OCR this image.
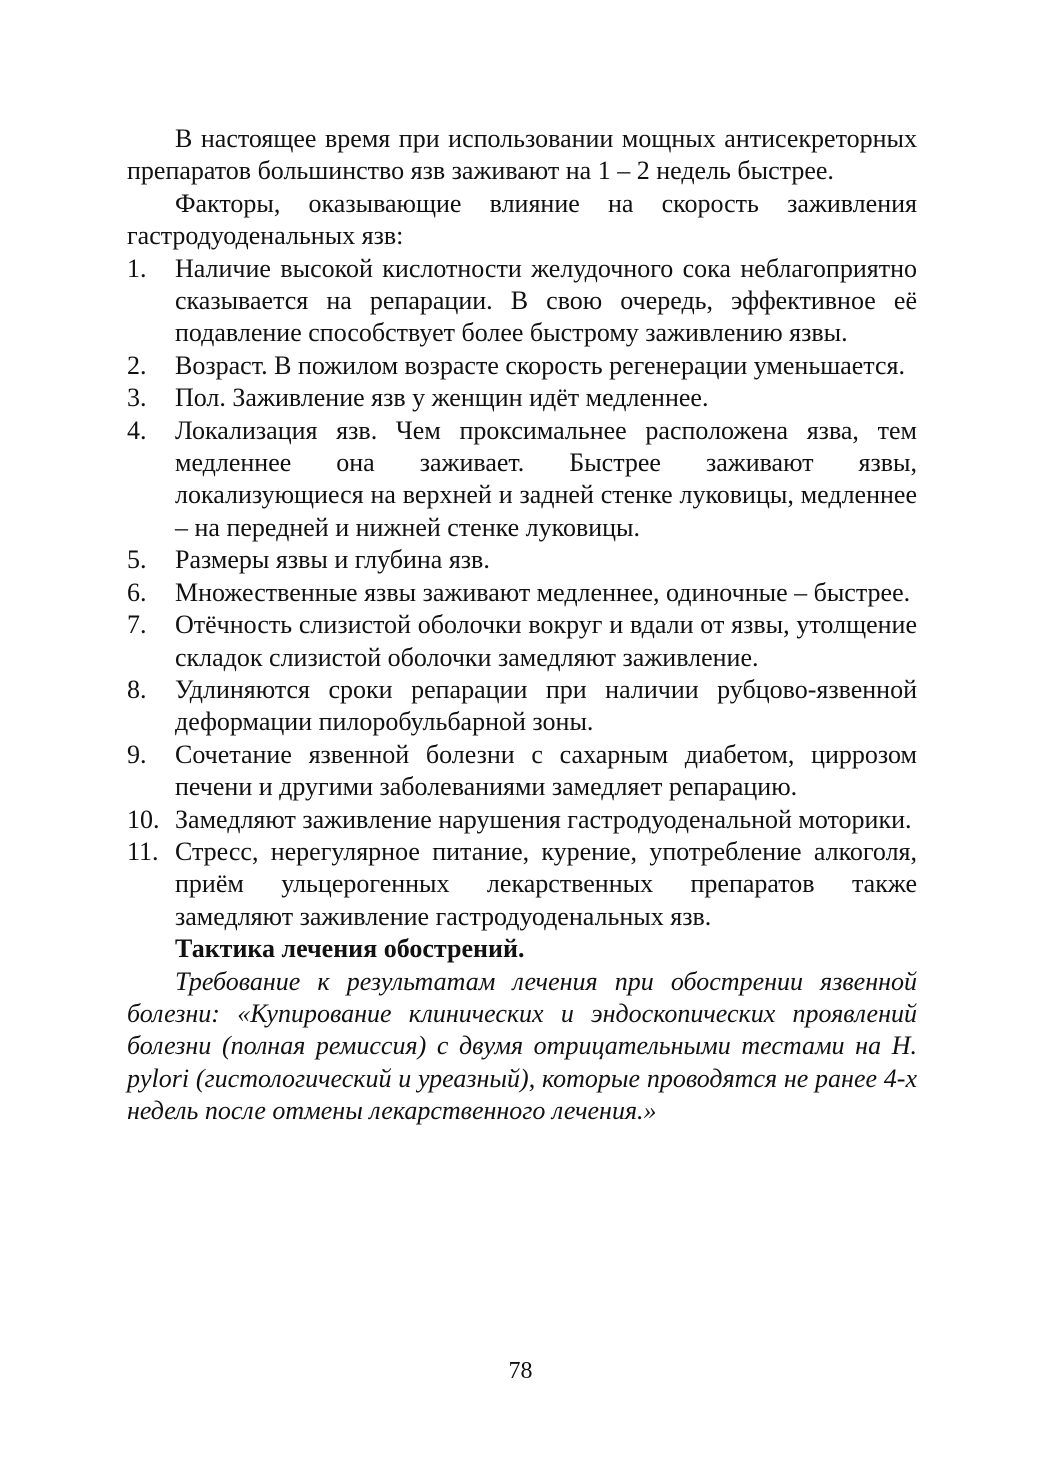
В настоящее время при использовании мощных антисекреторных препаратов большинство язв заживают на 1 – 2 недель быстрее.

Факторы, оказывающие влияние на скорость заживления гастродуоденальных язв:

1. Наличие высокой кислотности желудочного сока неблагоприятно сказывается на репарации. В свою очередь, эффективное её подавление способствует более быстрому заживлению язвы.
2. Возраст. В пожилом возрасте скорость регенерации уменьшается.
3. Пол. Заживление язв у женщин идёт медленнее.
4. Локализация язв. Чем проксимальнее расположена язва, тем медленнее она заживает. Быстрее заживают язвы, локализующиеся на верхней и задней стенке луковицы, медленнее – на передней и нижней стенке луковицы.
5. Размеры язвы и глубина язв.
6. Множественные язвы заживают медленнее, одиночные – быстрее.
7. Отёчность слизистой оболочки вокруг и вдали от язвы, утолщение складок слизистой оболочки замедляют заживление.
8. Удлиняются сроки репарации при наличии рубцово-язвенной деформации пилоробульбарной зоны.
9. Сочетание язвенной болезни с сахарным диабетом, циррозом печени и другими заболеваниями замедляет репарацию.
10. Замедляют заживление нарушения гастродуоденальной моторики.
11. Стресс, нерегулярное питание, курение, употребление алкоголя, приём ульцерогенных лекарственных препаратов также замедляют заживление гастродуоденальных язв.

Тактика лечения обострений.

Требование к результатам лечения при обострении язвенной болезни: «Купирование клинических и эндоскопических проявлений болезни (полная ремиссия) с двумя отрицательными тестами на H. pylori (гистологический и уреазный), которые проводятся не ранее 4-х недель после отмены лекарственного лечения.»

78
